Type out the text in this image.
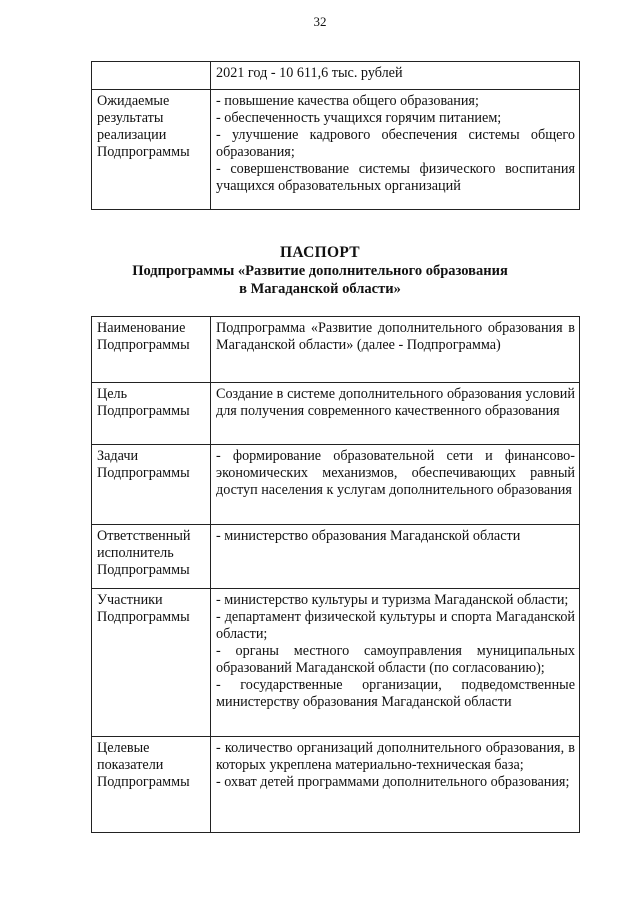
32

	2021 год - 10 611,6 тыс. рублей

Ожидаемые результаты реализации Подпрограммы	- повышение качества общего образования;
- обеспеченность учащихся горячим питанием;
- улучшение кадрового обеспечения системы общего образования;
- совершенствование системы физического воспитания учащихся образовательных организаций
ПАСПОРТ
Подпрограммы «Развитие дополнительного образования
в Магаданской области»
Наименование Подпрограммы	Подпрограмма «Развитие дополнительного образования в Магаданской области» (далее - Подпрограмма)

Цель Подпрограммы	Создание в системе дополнительного образования условий для получения современного качественного образования

Задачи Подпрограммы	- формирование образовательной сети и финансово-экономических механизмов, обеспечивающих равный доступ населения к услугам дополнительного образования

Ответственный исполнитель Подпрограммы	- министерство образования Магаданской области

Участники Подпрограммы	- министерство культуры и туризма Магаданской области;
- департамент физической культуры и спорта Магаданской области;
- органы местного самоуправления муниципальных образований Магаданской области (по согласованию);
- государственные организации, подведомственные министерству образования Магаданской области

Целевые показатели Подпрограммы	- количество организаций дополнительного образования, в которых укреплена материально-техническая база;
- охват детей программами дополнительного образования;
